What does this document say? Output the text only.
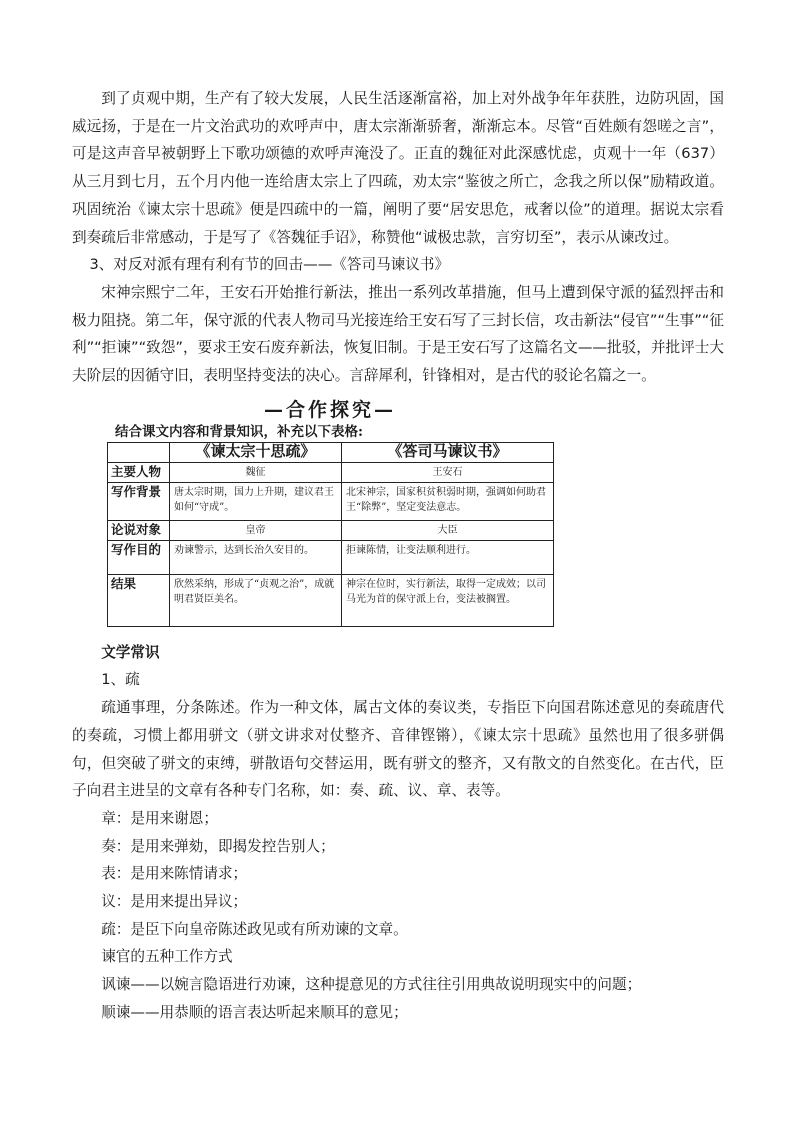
到了贞观中期，生产有了较大发展，人民生活逐渐富裕，加上对外战争年年获胜，边防巩固，国威远扬，于是在一片文治武功的欢呼声中，唐太宗渐渐骄奢，渐渐忘本。尽管“百姓颇有怨嗟之言”，可是这声音早被朝野上下歌功颂德的欢呼声淹没了。正直的魏征对此深感忧虑，贞观十一年（637）从三月到七月，五个月内他一连给唐太宗上了四疏，劝太宗“鉴彼之所亡，念我之所以保”励精政道。巩固统治《谏太宗十思疏》便是四疏中的一篇，阐明了要“居安思危，戒奢以俭”的道理。据说太宗看到奏疏后非常感动，于是写了《答魏征手诏》，称赞他“诚极忠款，言穷切至”，表示从谏改过。

3、对反对派有理有利有节的回击——《答司马谏议书》

宋神宗熙宁二年，王安石开始推行新法，推出一系列改革措施，但马上遭到保守派的猛烈抨击和极力阻挠。第二年，保守派的代表人物司马光接连给王安石写了三封长信，攻击新法“侵官”“生事”“征利”“拒谏”“致怨”，要求王安石废弃新法，恢复旧制。于是王安石写了这篇名文——批驳，并批评士大夫阶层的因循守旧，表明坚持变法的决心。言辞犀利，针锋相对，是古代的驳论名篇之一。

—合作探究—
结合课文内容和背景知识，补充以下表格:
	《谏太宗十思疏》	《答司马谏议书》
主要人物	魏征	王安石
写作背景	唐太宗时期，国力上升期，建议君王如何“守成”。	北宋神宗，国家积贫积弱时期，强调如何助君王“除弊”，坚定变法意志。
论说对象	皇帝	大臣
写作目的	劝谏警示，达到长治久安目的。	拒谏陈情，让变法顺利进行。
结果	欣然采纳，形成了“贞观之治”，成就明君贤臣美名。	神宗在位时，实行新法，取得一定成效；以司马光为首的保守派上台，变法被搁置。

文学常识

1、疏

疏通事理，分条陈述。作为一种文体，属古文体的奏议类，专指臣下向国君陈述意见的奏疏唐代的奏疏，习惯上都用骈文（骈文讲求对仗整齐、音律铿锵），《谏太宗十思疏》虽然也用了很多骈偶句，但突破了骈文的束缚，骈散语句交替运用，既有骈文的整齐，又有散文的自然变化。在古代，臣子向君主进呈的文章有各种专门名称，如：奏、疏、议、章、表等。

章：是用来谢恩；

奏：是用来弹劾，即揭发控告别人；

表：是用来陈情请求；

议：是用来提出异议；

疏：是臣下向皇帝陈述政见或有所劝谏的文章。

谏官的五种工作方式

讽谏——以婉言隐语进行劝谏，这种提意见的方式往往引用典故说明现实中的问题；

顺谏——用恭顺的语言表达听起来顺耳的意见；
